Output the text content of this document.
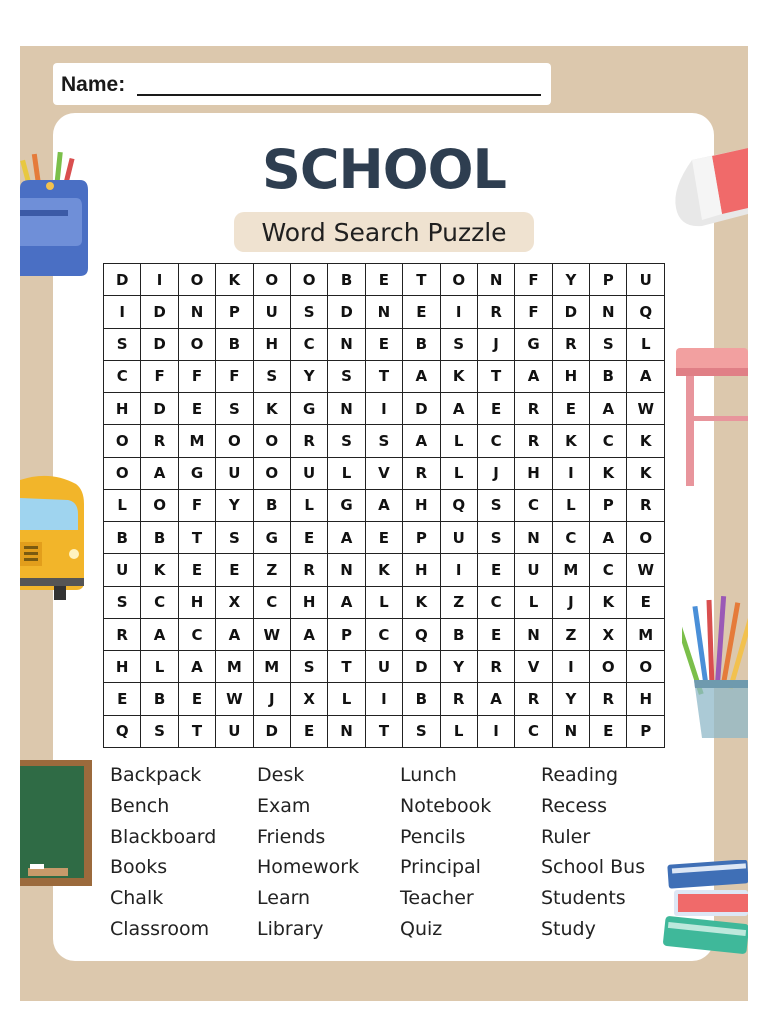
Name:
SCHOOL
Word Search Puzzle
D	I	O	K	O	O	B	E	T	O	N	F	Y	P	U
I	D	N	P	U	S	D	N	E	I	R	F	D	N	Q
S	D	O	B	H	C	N	E	B	S	J	G	R	S	L
C	F	F	F	S	Y	S	T	A	K	T	A	H	B	A
H	D	E	S	K	G	N	I	D	A	E	R	E	A	W
O	R	M	O	O	R	S	S	A	L	C	R	K	C	K
O	A	G	U	O	U	L	V	R	L	J	H	I	K	K
L	O	F	Y	B	L	G	A	H	Q	S	C	L	P	R
B	B	T	S	G	E	A	E	P	U	S	N	C	A	O
U	K	E	E	Z	R	N	K	H	I	E	U	M	C	W
S	C	H	X	C	H	A	L	K	Z	C	L	J	K	E
R	A	C	A	W	A	P	C	Q	B	E	N	Z	X	M
H	L	A	M	M	S	T	U	D	Y	R	V	I	O	O
E	B	E	W	J	X	L	I	B	R	A	R	Y	R	H
Q	S	T	U	D	E	N	T	S	L	I	C	N	E	P
Backpack
Bench
Blackboard
Books
Chalk
Classroom
Desk
Exam
Friends
Homework
Learn
Library
Lunch
Notebook
Pencils
Principal
Teacher
Quiz
Reading
Recess
Ruler
School Bus
Students
Study
